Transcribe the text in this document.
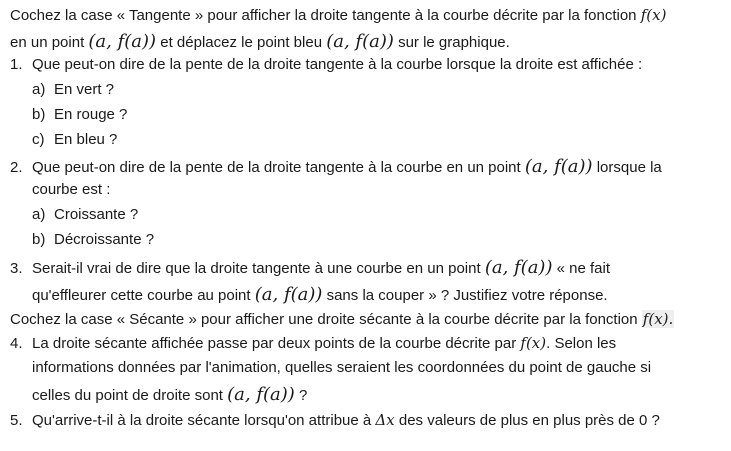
Cochez la case « Tangente » pour afficher la droite tangente à la courbe décrite par la fonction f(x)
en un point (a, f(a)) et déplacez le point bleu (a, f(a)) sur le graphique.
1. Que peut-on dire de la pente de la droite tangente à la courbe lorsque la droite est affichée :
a) En vert ?
b) En rouge ?
c) En bleu ?
2. Que peut-on dire de la pente de la droite tangente à la courbe en un point (a, f(a)) lorsque la
courbe est :
a) Croissante ?
b) Décroissante ?
3. Serait-il vrai de dire que la droite tangente à une courbe en un point (a, f(a)) « ne fait
qu'effleurer cette courbe au point (a, f(a)) sans la couper » ? Justifiez votre réponse.
Cochez la case « Sécante » pour afficher une droite sécante à la courbe décrite par la fonction f(x).
4. La droite sécante affichée passe par deux points de la courbe décrite par f(x). Selon les
informations données par l'animation, quelles seraient les coordonnées du point de gauche si
celles du point de droite sont (a, f(a)) ?
5. Qu'arrive-t-il à la droite sécante lorsqu'on attribue à Δx des valeurs de plus en plus près de 0 ?
